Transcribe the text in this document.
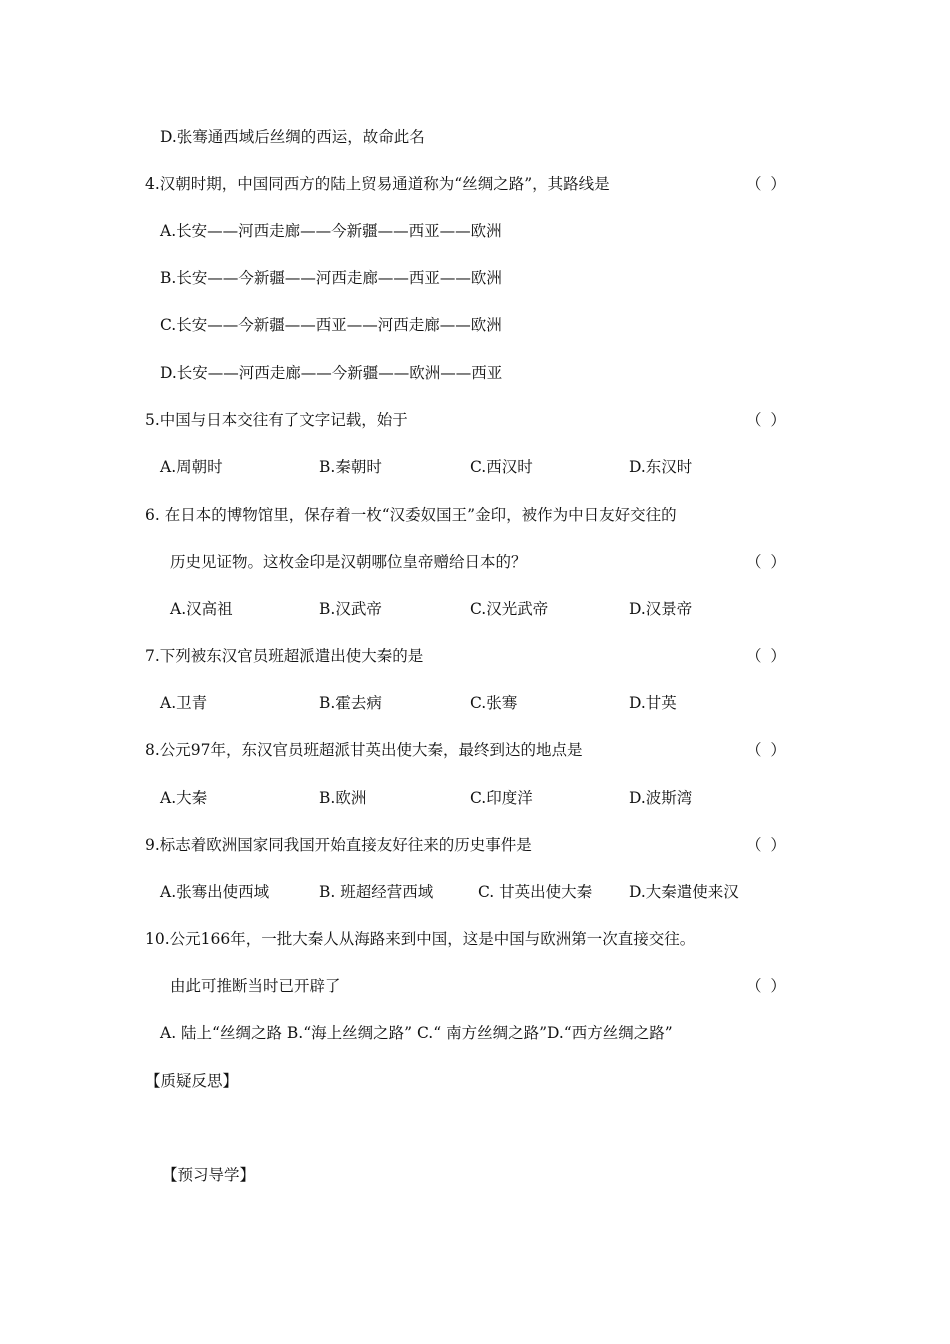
D.张骞通西域后丝绸的西运，故命此名
4.汉朝时期，中国同西方的陆上贸易通道称为“丝绸之路”，其路线是	（ ）
A.长安——河西走廊——今新疆——西亚——欧洲
B.长安——今新疆——河西走廊——西亚——欧洲
C.长安——今新疆——西亚——河西走廊——欧洲
D.长安——河西走廊——今新疆——欧洲——西亚
5.中国与日本交往有了文字记载，始于	（ ）
A.周朝时	B.秦朝时	C.西汉时	D.东汉时
6. 在日本的博物馆里，保存着一枚“汉委奴国王”金印，被作为中日友好交往的
历史见证物。这枚金印是汉朝哪位皇帝赠给日本的？	（ ）
A.汉高祖	B.汉武帝	C.汉光武帝	D.汉景帝
7.下列被东汉官员班超派遣出使大秦的是	（ ）
A.卫青	B.霍去病	C.张骞	D.甘英
8.公元97年，东汉官员班超派甘英出使大秦，最终到达的地点是	（ ）
A.大秦	B.欧洲	C.印度洋	D.波斯湾
9.标志着欧洲国家同我国开始直接友好往来的历史事件是	（ ）
A.张骞出使西域	B. 班超经营西域	C. 甘英出使大秦 D.大秦遣使来汉
10.公元166年，一批大秦人从海路来到中国，这是中国与欧洲第一次直接交往。
由此可推断当时已开辟了	（ ）
A. 陆上“丝绸之路 B.“海上丝绸之路” C.“ 南方丝绸之路”D.“西方丝绸之路”
【质疑反思】
【预习导学】
